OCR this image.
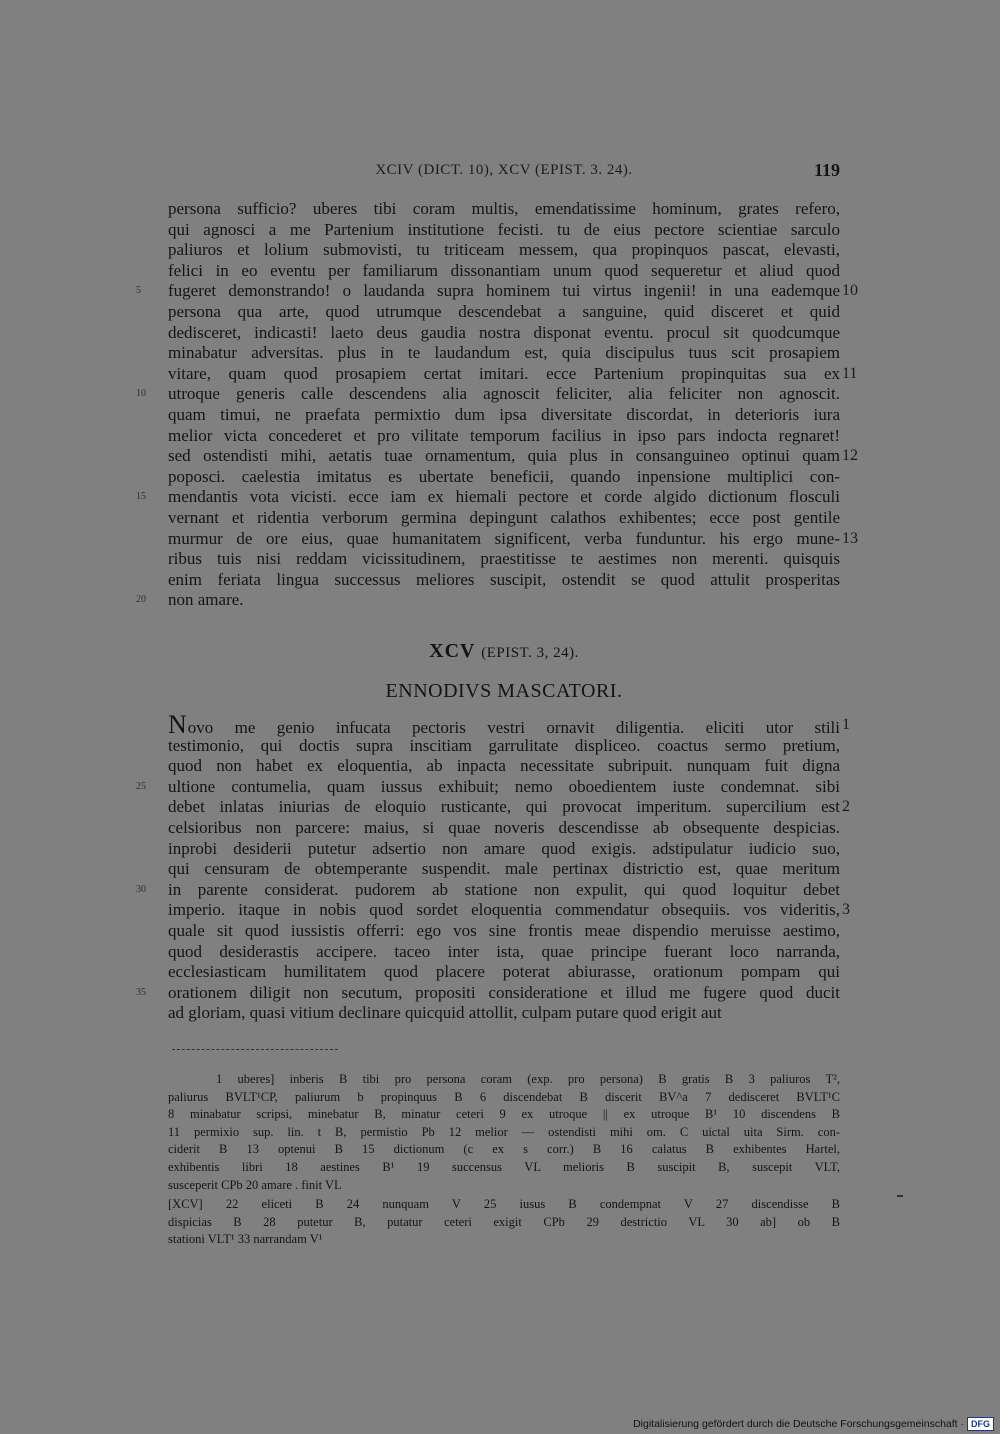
XCIV (DICT. 10), XCV (EPIST. 3. 24).	119
persona sufficio? uberes tibi coram multis, emendatissime hominum, grates refero,
qui agnosci a me Partenium institutione fecisti. tu de eius pectore scientiae sarculo
paliuros et lolium submovisti, tu triticeam messem, qua propinquos pascat, elevasti,
felici in eo eventu per familiarum dissonantiam unum quod sequeretur et aliud quod
fugeret demonstrando! o laudanda supra hominem tui virtus ingenii! in una eademque
5	10
persona qua arte, quod utrumque descendebat a sanguine, quid disceret et quid
dedisceret, indicasti! laeto deus gaudia nostra disponat eventu. procul sit quodcumque
minabatur adversitas. plus in te laudandum est, quia discipulus tuus scit prosapiem
vitare, quam quod prosapiem certat imitari. ecce Partenium propinquitas sua ex 11
utroque generis calle descendens alia agnoscit feliciter, alia feliciter non agnoscit.
10
quam timui, ne praefata permixtio dum ipsa diversitate discordat, in deterioris iura
melior victa concederet et pro vilitate temporum facilius in ipso pars indocta regnaret!
sed ostendisti mihi, aetatis tuae ornamentum, quia plus in consanguineo optinui quam 12
poposci. caelestia imitatus es ubertate beneficii, quando inpensione multiplici con-
mendantis vota vicisti. ecce iam ex hiemali pectore et corde algido dictionum flosculi
15
vernant et ridentia verborum germina depingunt calathos exhibentes; ecce post gentile
murmur de ore eius, quae humanitatem significent, verba funduntur. his ergo mune- 13
ribus tuis nisi reddam vicissitudinem, praestitisse te aestimes non merenti. quisquis
enim feriata lingua successus meliores suscipit, ostendit se quod attulit prosperitas
non amare.
20
XCV (EPIST. 3, 24).
ENNODIVS MASCATORI.
Novo me genio infucata pectoris vestri ornavit diligentia. eliciti utor stili 1
testimonio, qui doctis supra inscitiam garrulitate displiceo. coactus sermo pretium,
quod non habet ex eloquentia, ab inpacta necessitate subripuit. nunquam fuit digna
ultione contumelia, quam iussus exhibuit; nemo oboedientem iuste condemnat. sibi
25
debet inlatas iniurias de eloquio rusticante, qui provocat imperitum. supercilium est 2
celsioribus non parcere: maius, si quae noveris descendisse ab obsequente despicias.
inprobi desiderii putetur adsertio non amare quod exigis. adstipulatur iudicio suo,
qui censuram de obtemperante suspendit. male pertinax districtio est, quae meritum
in parente considerat. pudorem ab statione non expulit, qui quod loquitur debet
30
imperio. itaque in nobis quod sordet eloquentia commendatur obsequiis. vos videritis, 3
quale sit quod iussistis offerri: ego vos sine frontis meae dispendio meruisse aestimo,
quod desiderastis accipere. taceo inter ista, quae principe fuerant loco narranda,
ecclesiasticam humilitatem quod placere poterat abiurasse, orationum pompam qui
orationem diligit non secutum, propositi consideratione et illud me fugere quod ducit
35
ad gloriam, quasi vitium declinare quicquid attollit, culpam putare quod erigit aut
1 uberes] inberis B tibi pro persona coram (exp. pro persona) B gratis B 3 paliuros T²,
paliurus BVLT¹CP, paliurum b propinquus B 6 discendebat B discerit BV^a 7 dedisceret BVLT¹C
8 minabatur scripsi, minebatur B, minatur ceteri 9 ex utroque || ex utroque B¹ 10 discendens B
11 permixio sup. lin. t B, permistio Pb 12 melior — ostendisti mihi om. C uictal uita Sirm. con-
ciderit B 13 optenui B 15 dictionum (c ex s corr.) B 16 calatus B exhibentes Hartel,
exhibentis libri 18 aestines B¹ 19 succensus VL melioris B suscipit B, suscepit VLT,
susceperit CPb 20 amare . finit VL
[XCV] 22 eliceti B 24 nunquam V 25 iusus B condempnat V 27 discendisse B
dispicias B 28 putetur B, putatur ceteri exigit CPb 29 destrictio VL 30 ab] ob B
stationi VLT¹ 33 narrandam V¹
Digitalisierung gefördert durch die Deutsche Forschungsgemeinschaft · DFG
